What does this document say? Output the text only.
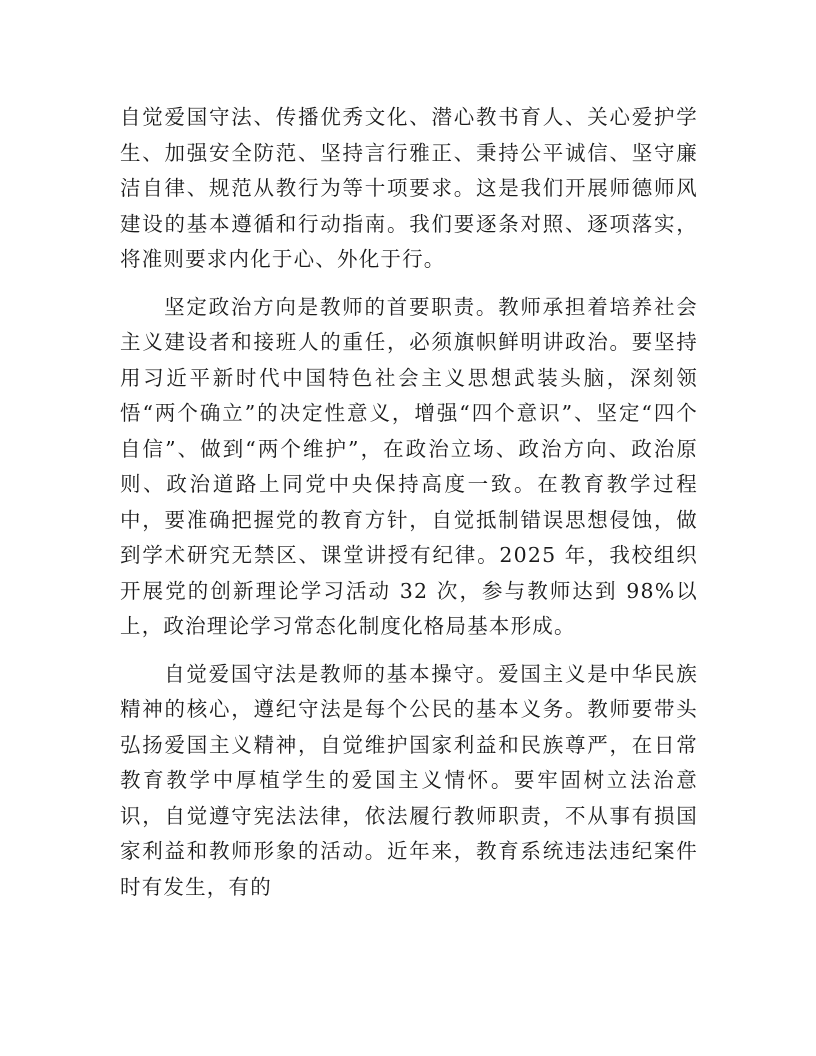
自觉爱国守法、传播优秀文化、潜心教书育人、关心爱护学生、加强安全防范、坚持言行雅正、秉持公平诚信、坚守廉洁自律、规范从教行为等十项要求。这是我们开展师德师风建设的基本遵循和行动指南。我们要逐条对照、逐项落实，将准则要求内化于心、外化于行。

坚定政治方向是教师的首要职责。教师承担着培养社会主义建设者和接班人的重任，必须旗帜鲜明讲政治。要坚持用习近平新时代中国特色社会主义思想武装头脑，深刻领悟“两个确立”的决定性意义，增强“四个意识”、坚定“四个自信”、做到“两个维护”，在政治立场、政治方向、政治原则、政治道路上同党中央保持高度一致。在教育教学过程中，要准确把握党的教育方针，自觉抵制错误思想侵蚀，做到学术研究无禁区、课堂讲授有纪律。2025 年，我校组织开展党的创新理论学习活动 32 次，参与教师达到 98%以上，政治理论学习常态化制度化格局基本形成。

自觉爱国守法是教师的基本操守。爱国主义是中华民族精神的核心，遵纪守法是每个公民的基本义务。教师要带头弘扬爱国主义精神，自觉维护国家利益和民族尊严，在日常教育教学中厚植学生的爱国主义情怀。要牢固树立法治意识，自觉遵守宪法法律，依法履行教师职责，不从事有损国家利益和教师形象的活动。近年来，教育系统违法违纪案件时有发生，有的
